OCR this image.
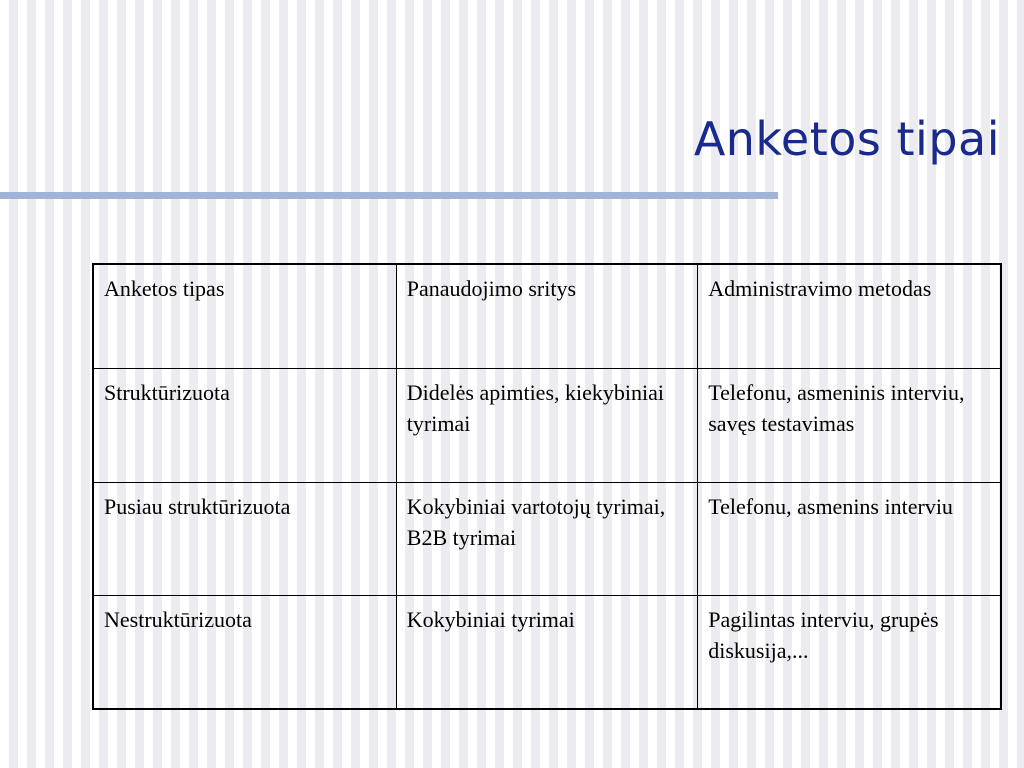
Anketos tipai
Anketos tipas	Panaudojimo sritys	Administravimo metodas
Struktūrizuota	Didelės apimties, kiekybiniai tyrimai	Telefonu, asmeninis interviu, savęs testavimas
Pusiau struktūrizuota	Kokybiniai vartotojų tyrimai, B2B tyrimai	Telefonu, asmenins interviu
Nestruktūrizuota	Kokybiniai tyrimai	Pagilintas interviu, grupės diskusija,...
